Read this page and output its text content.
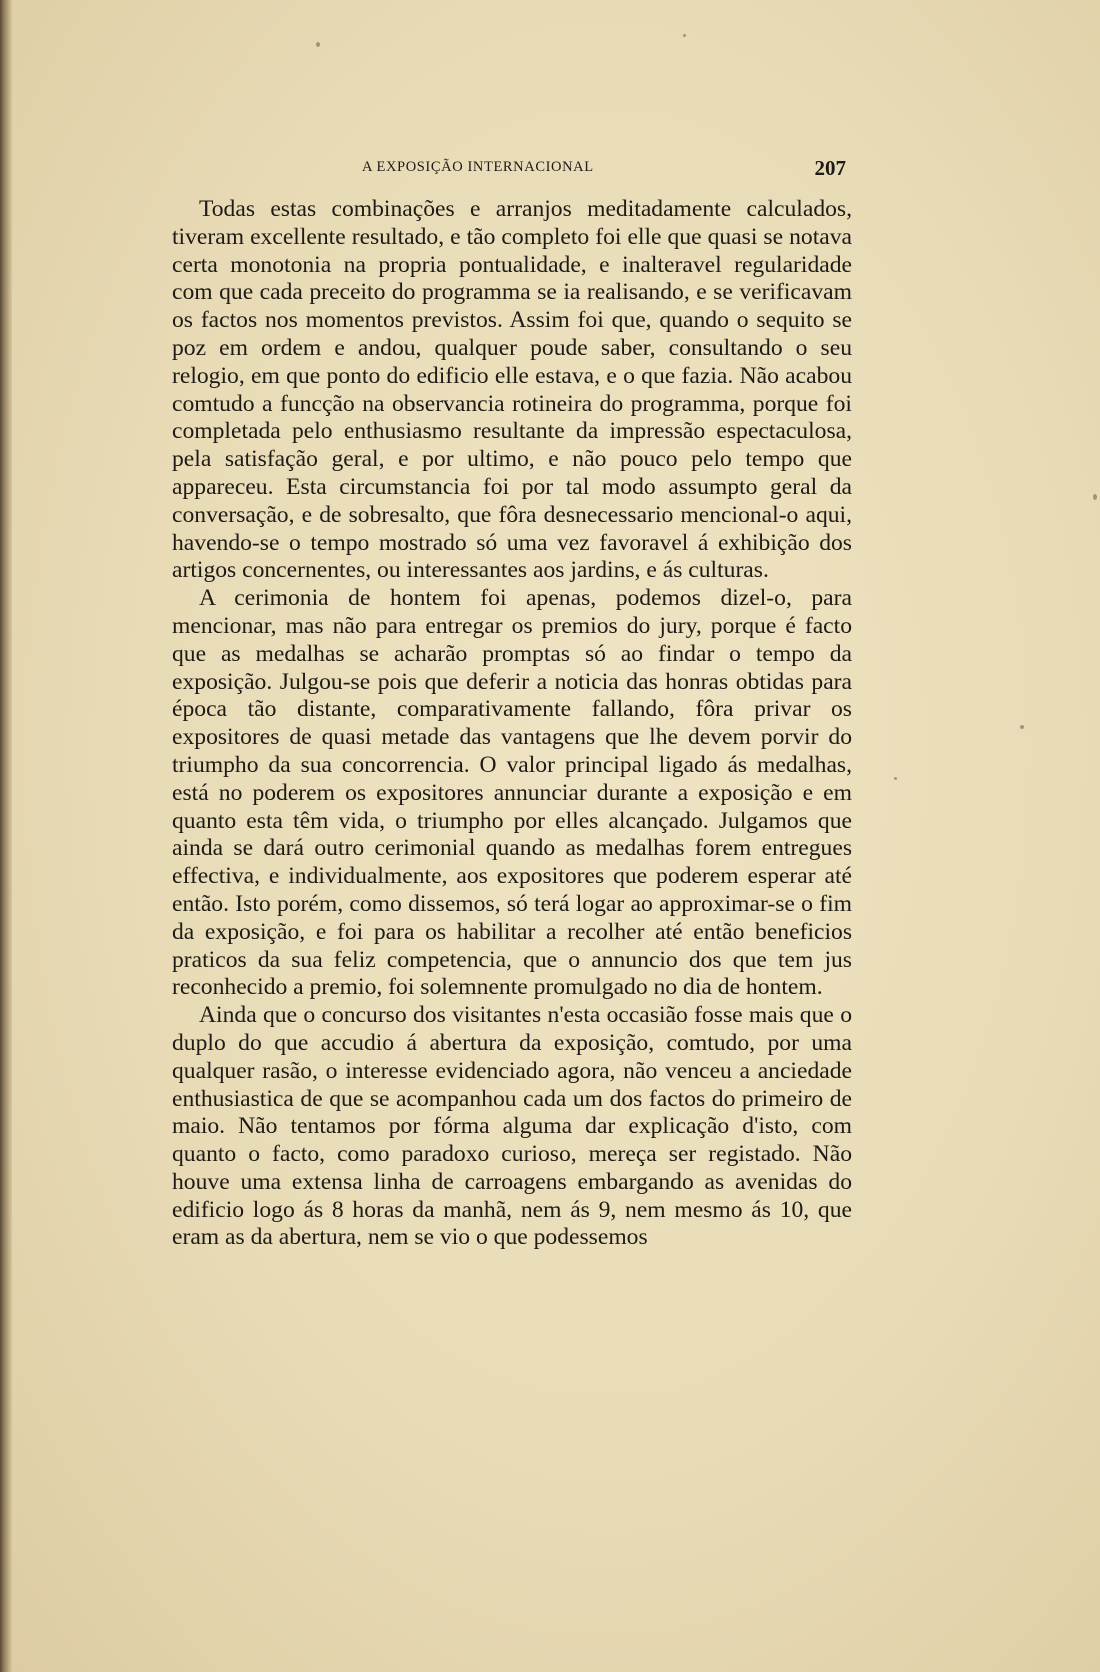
A EXPOSIÇÃO INTERNACIONAL	207

Todas estas combinações e arranjos meditadamente calculados, tiveram excellente resultado, e tão completo foi elle que quasi se notava certa monotonia na propria pontualidade, e inalteravel regularidade com que cada preceito do programma se ia realisando, e se verificavam os factos nos momentos previstos. Assim foi que, quando o sequito se poz em ordem e andou, qualquer poude saber, consultando o seu relogio, em que ponto do edificio elle estava, e o que fazia. Não acabou comtudo a funcção na observancia rotineira do programma, porque foi completada pelo enthusiasmo resultante da impressão espectaculosa, pela satisfação geral, e por ultimo, e não pouco pelo tempo que appareceu. Esta circumstancia foi por tal modo assumpto geral da conversação, e de sobresalto, que fôra desnecessario mencional-o aqui, havendo-se o tempo mostrado só uma vez favoravel á exhibição dos artigos concernentes, ou interessantes aos jardins, e ás culturas.

A cerimonia de hontem foi apenas, podemos dizel-o, para mencionar, mas não para entregar os premios do jury, porque é facto que as medalhas se acharão promptas só ao findar o tempo da exposição. Julgou-se pois que deferir a noticia das honras obtidas para época tão distante, comparativamente fallando, fôra privar os expositores de quasi metade das vantagens que lhe devem porvir do triumpho da sua concorrencia. O valor principal ligado ás medalhas, está no poderem os expositores annunciar durante a exposição e em quanto esta têm vida, o triumpho por elles alcançado. Julgamos que ainda se dará outro cerimonial quando as medalhas forem entregues effectiva, e individualmente, aos expositores que poderem esperar até então. Isto porém, como dissemos, só terá logar ao approximar-se o fim da exposição, e foi para os habilitar a recolher até então beneficios praticos da sua feliz competencia, que o annuncio dos que tem jus reconhecido a premio, foi solemnente promulgado no dia de hontem.

Ainda que o concurso dos visitantes n'esta occasião fosse mais que o duplo do que accudio á abertura da exposição, comtudo, por uma qualquer rasão, o interesse evidenciado agora, não venceu a anciedade enthusiastica de que se acompanhou cada um dos factos do primeiro de maio. Não tentamos por fórma alguma dar explicação d'isto, com quanto o facto, como paradoxo curioso, mereça ser registado. Não houve uma extensa linha de carroagens embargando as avenidas do edificio logo ás 8 horas da manhã, nem ás 9, nem mesmo ás 10, que eram as da abertura, nem se vio o que podessemos
